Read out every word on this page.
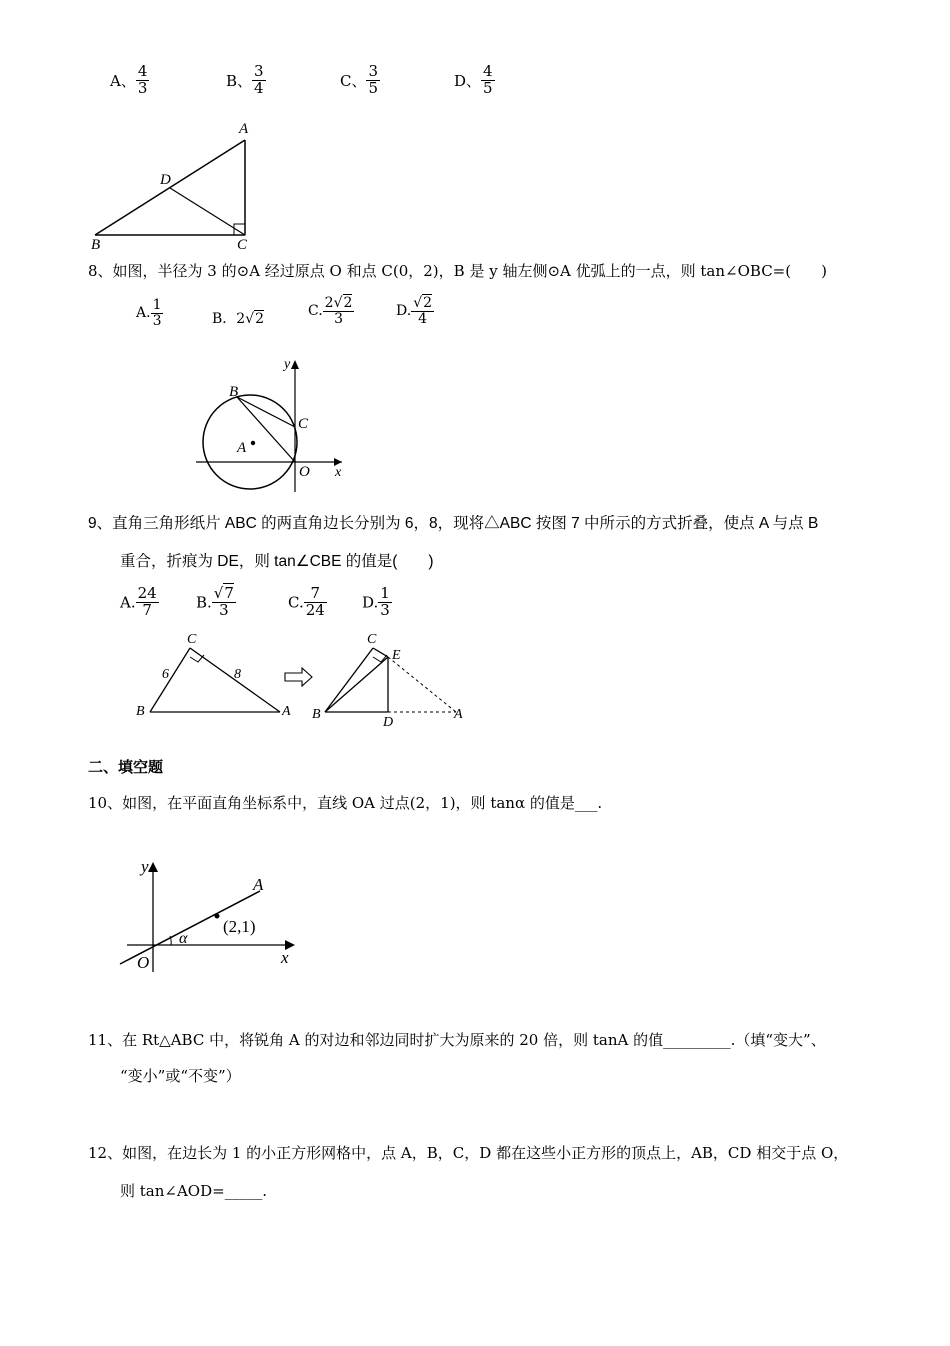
A、 $\frac{4}{3}$	B、 $\frac{3}{4}$	C、 $\frac{3}{5}$	D、 $\frac{4}{5}$
A
D
B	C
8、如图，半径为 3 的⊙A 经过原点 O 和点 C(0，2)，B 是 y 轴左侧⊙A 优弧上的一点，则 tan∠OBC=(　　)
A. $\frac{1}{3}$	B．2√2	C. $\frac{2√2}{3}$	D. $\frac{√2}{4}$
y
B
C
A
O x
9、直角三角形纸片 ABC 的两直角边长分别为 6，8，现将△ABC 按图 7 中所示的方式折叠，使点 A 与点 B
重合，折痕为 DE，则 tan∠CBE 的值是(　　)
A. $\frac{24}{7} B$. $\frac{√7}{3}$	C. $\frac{7}{24} D$. $\frac{1}{3}$
C
6	8
B	A
C
E
B
D
A
二、填空题
10、如图，在平面直角坐标系中，直线 OA 过点(2，1)，则 tanα 的值是___.
y
A
(2,1)
α
O	x
11、在 Rt△ABC 中，将锐角 A 的对边和邻边同时扩大为原来的 20 倍，则 tanA 的值_________.（填“变大”、
“变小”或“不变”）
12、如图，在边长为 1 的小正方形网格中，点 A，B，C，D 都在这些小正方形的顶点上，AB，CD 相交于点 O，
则 tan∠AOD=_____.
